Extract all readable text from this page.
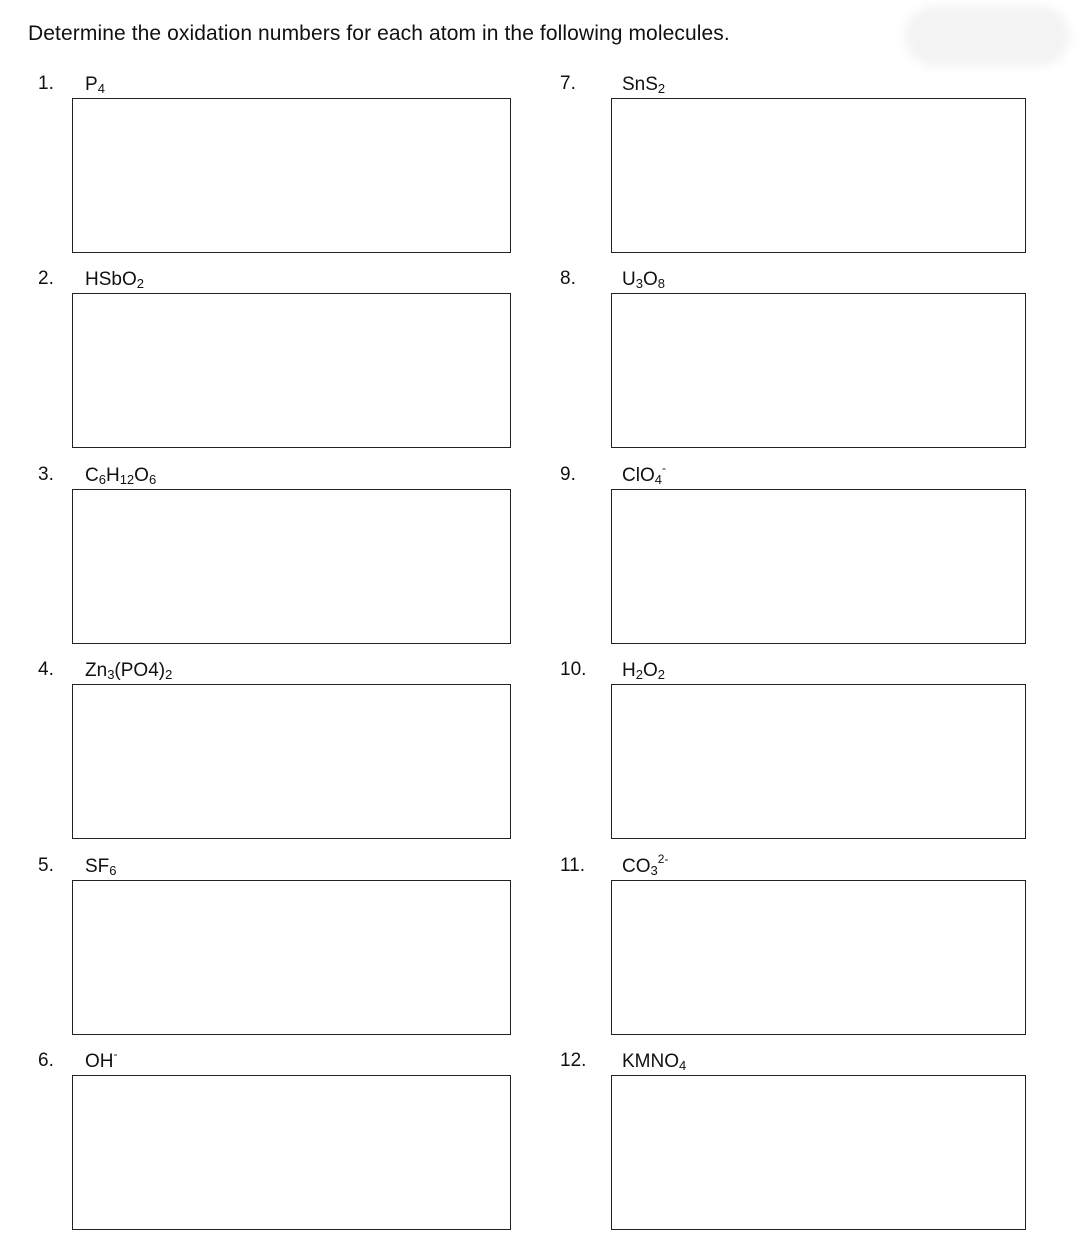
Determine the oxidation numbers for each atom in the following molecules.
1. $P_4$
2. HSbO$_2$
3. $C_6H_{12}O_6$
4. $Zn_3(PO4)_2$
5. $SF_6$
6. OH-
7. SnS$_2$
8. $U_3O_8$
9. ClO$_4$-
10. $H_2O_2$
11. $CO_3^{2-}$
12. $KMNO_4$
